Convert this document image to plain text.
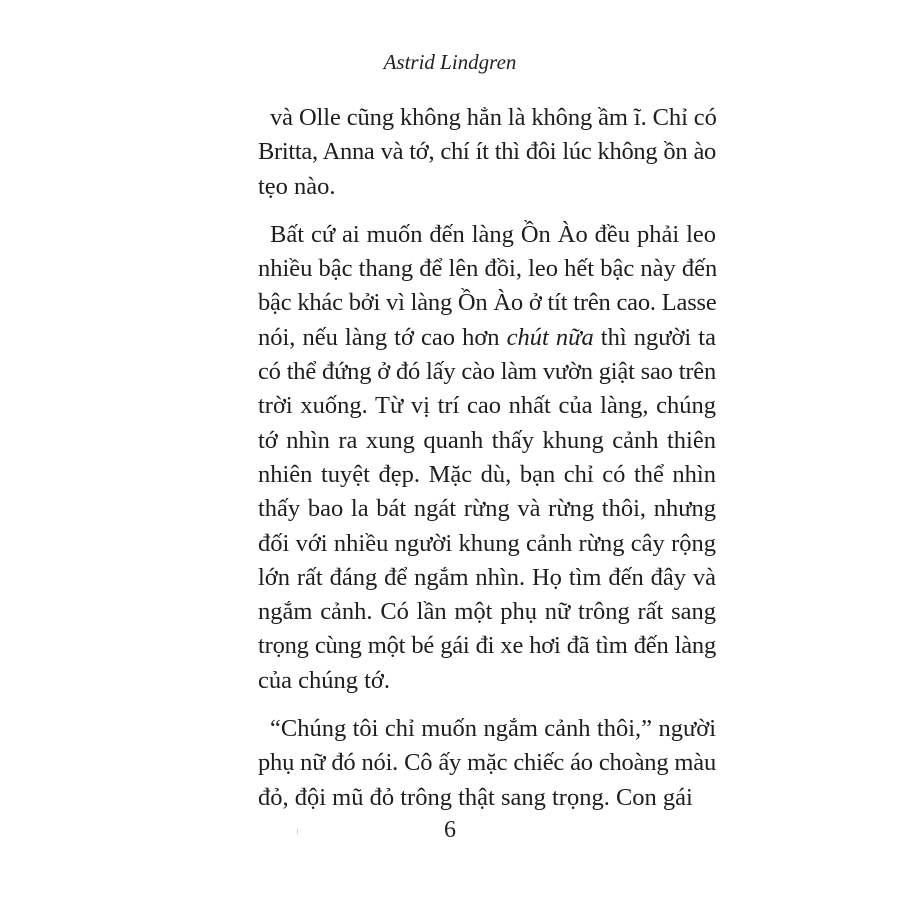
Astrid Lindgren
và Olle cũng không hẳn là không ầm ĩ. Chỉ có
Britta, Anna và tớ, chí ít thì đôi lúc không ồn ào
tẹo nào.
Bất cứ ai muốn đến làng Ồn Ào đều phải leo
nhiều bậc thang để lên đồi, leo hết bậc này đến
bậc khác bởi vì làng Ồn Ào ở tít trên cao. Lasse
nói, nếu làng tớ cao hơn chút nữa thì người ta
có thể đứng ở đó lấy cào làm vườn giật sao trên
trời xuống. Từ vị trí cao nhất của làng, chúng
tớ nhìn ra xung quanh thấy khung cảnh thiên
nhiên tuyệt đẹp. Mặc dù, bạn chỉ có thể nhìn
thấy bao la bát ngát rừng và rừng thôi, nhưng
đối với nhiều người khung cảnh rừng cây rộng
lớn rất đáng để ngắm nhìn. Họ tìm đến đây và
ngắm cảnh. Có lần một phụ nữ trông rất sang
trọng cùng một bé gái đi xe hơi đã tìm đến làng
của chúng tớ.
“Chúng tôi chỉ muốn ngắm cảnh thôi,” người
phụ nữ đó nói. Cô ấy mặc chiếc áo choàng màu
đỏ, đội mũ đỏ trông thật sang trọng. Con gái
6
